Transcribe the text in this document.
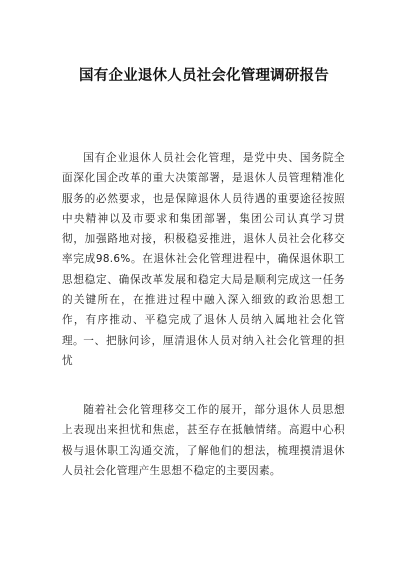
国有企业退休人员社会化管理调研报告

国有企业退休人员社会化管理，是党中央、国务院全面深化国企改革的重大决策部署，是退休人员管理精准化服务的必然要求，也是保障退休人员待遇的重要途径按照中央精神以及市要求和集团部署，集团公司认真学习贯彻，加强路地对接，积极稳妥推进，退休人员社会化移交率完成98.6%。在退休社会化管理进程中，确保退休职工思想稳定、确保改革发展和稳定大局是顺利完成这一任务的关键所在，在推进过程中融入深入细致的政治思想工作，有序推动、平稳完成了退休人员纳入属地社会化管理。 一、把脉问诊，厘清退休人员对纳入社会化管理的担忧

随着社会化管理移交工作的展开，部分退休人员思想上表现出来担忧和焦虑，甚至存在抵触情绪。高遐中心积极与退休职工沟通交流，了解他们的想法，梳理摸清退休人员社会化管理产生思想不稳定的主要因素。
